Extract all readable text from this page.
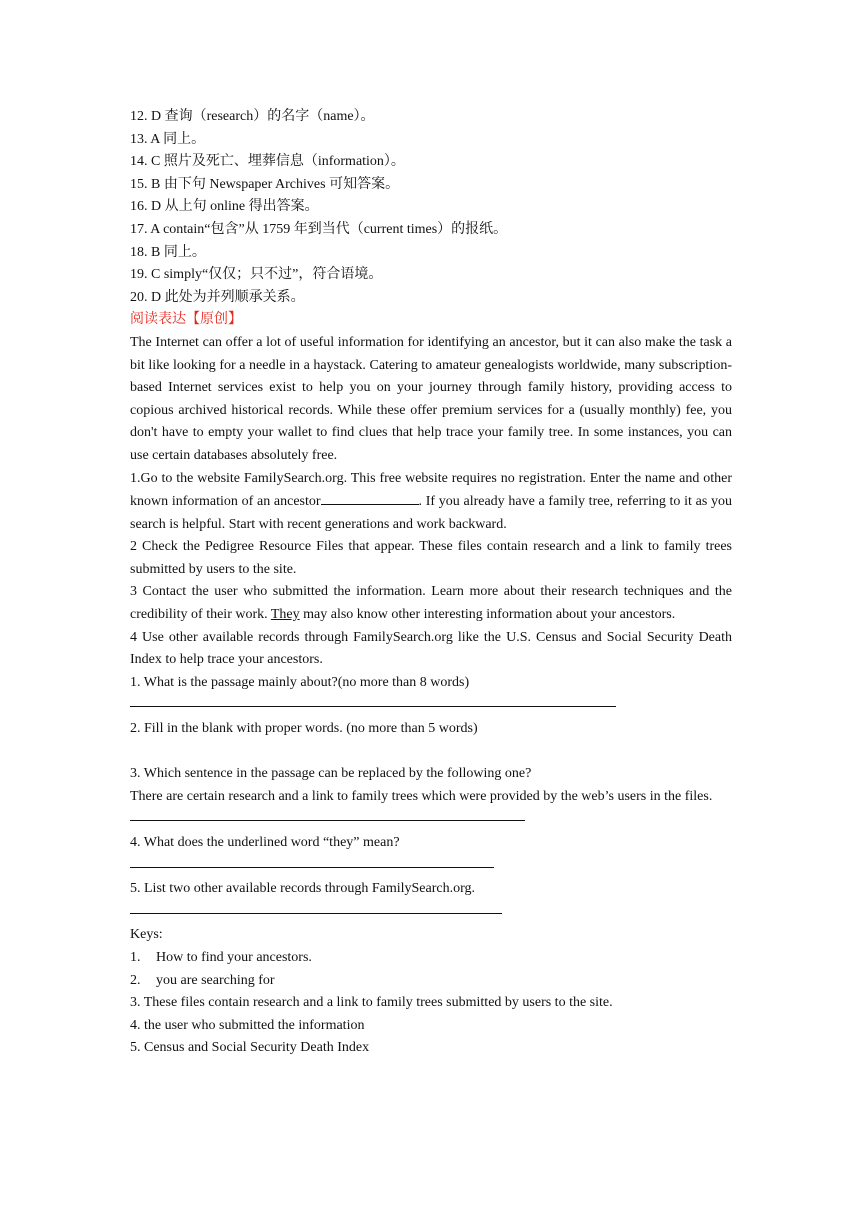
12. D 查询（research）的名字（name）。

13. A 同上。

14. C 照片及死亡、埋葬信息（information）。

15. B 由下句 Newspaper Archives 可知答案。

16. D 从上句 online 得出答案。

17. A contain“包含”从 1759 年到当代（current times）的报纸。

18. B 同上。

19. C simply“仅仅；只不过”，符合语境。

20. D 此处为并列顺承关系。

阅读表达【原创】

The Internet can offer a lot of useful information for identifying an ancestor, but it can also make the task a bit like looking for a needle in a haystack. Catering to amateur genealogists worldwide, many subscription-based Internet services exist to help you on your journey through family history, providing access to copious archived historical records. While these offer premium services for a (usually monthly) fee, you don't have to empty your wallet to find clues that help trace your family tree. In some instances, you can use certain databases absolutely free.

1.Go to the website FamilySearch.org. This free website requires no registration. Enter the name and other known information of an ancestor	. If you already have a family tree, referring to it as you search is helpful. Start with recent generations and work backward.

2 Check the Pedigree Resource Files that appear. These files contain research and a link to family trees submitted by users to the site.

3 Contact the user who submitted the information. Learn more about their research techniques and the credibility of their work. They may also know other interesting information about your ancestors.

4 Use other available records through FamilySearch.org like the U.S. Census and Social Security Death Index to help trace your ancestors.

1. What is the passage mainly about?(no more than 8 words)

2. Fill in the blank with proper words. (no more than 5 words)

3. Which sentence in the passage can be replaced by the following one?

There are certain research and a link to family trees which were provided by the web’s users in the files.

4. What does the underlined word “they” mean?

5. List two other available records through FamilySearch.org.

Keys:

1. How to find your ancestors.

2. you are searching for

3. These files contain research and a link to family trees submitted by users to the site.

4. the user who submitted the information

5. Census and Social Security Death Index
